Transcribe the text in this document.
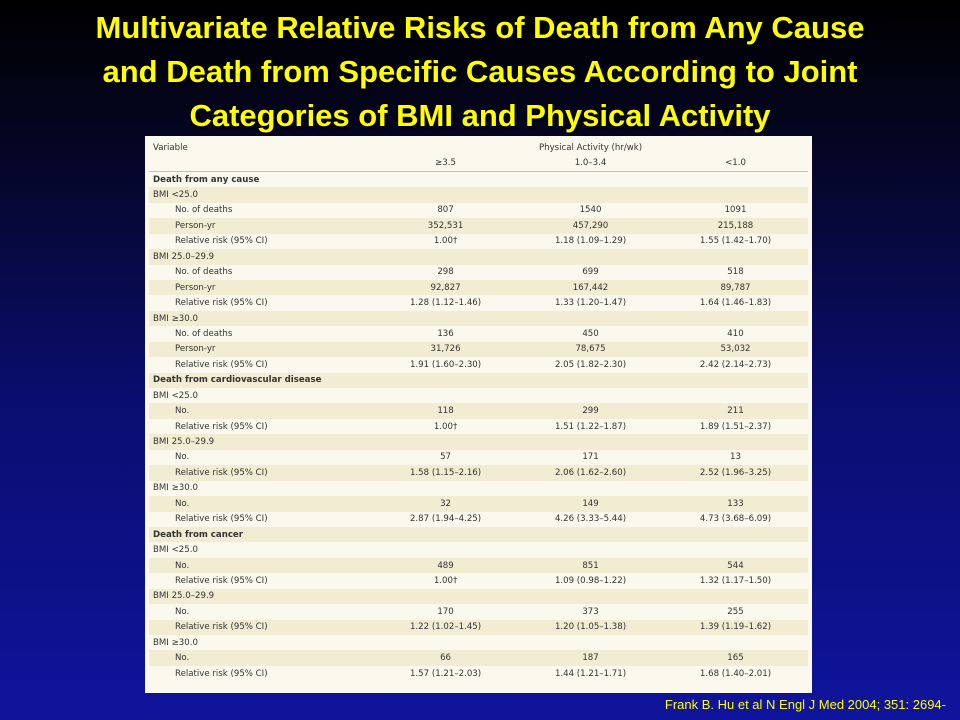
Multivariate Relative Risks of Death from Any Cause
and Death from Specific Causes According to Joint
Categories of BMI and Physical Activity
Variable	Physical Activity (hr/wk)		
	≥3.5	1.0–3.4	<1.0
Death from any cause			
BMI <25.0			
No. of deaths	807	1540	1091
Person-yr	352,531	457,290	215,188
Relative risk (95% CI)	1.00†	1.18 (1.09–1.29)	1.55 (1.42–1.70)
BMI 25.0–29.9			
No. of deaths	298	699	518
Person-yr	92,827	167,442	89,787
Relative risk (95% CI)	1.28 (1.12–1.46)	1.33 (1.20–1.47)	1.64 (1.46–1.83)
BMI ≥30.0			
No. of deaths	136	450	410
Person-yr	31,726	78,675	53,032
Relative risk (95% CI)	1.91 (1.60–2.30)	2.05 (1.82–2.30)	2.42 (2.14–2.73)
Death from cardiovascular disease			
BMI <25.0			
No.	118	299	211
Relative risk (95% CI)	1.00†	1.51 (1.22–1.87)	1.89 (1.51–2.37)
BMI 25.0–29.9			
No.	57	171	13
Relative risk (95% CI)	1.58 (1.15–2.16)	2.06 (1.62–2.60)	2.52 (1.96–3.25)
BMI ≥30.0			
No.	32	149	133
Relative risk (95% CI)	2.87 (1.94–4.25)	4.26 (3.33–5.44)	4.73 (3.68–6.09)
Death from cancer			
BMI <25.0			
No.	489	851	544
Relative risk (95% CI)	1.00†	1.09 (0.98–1.22)	1.32 (1.17–1.50)
BMI 25.0–29.9			
No.	170	373	255
Relative risk (95% CI)	1.22 (1.02–1.45)	1.20 (1.05–1.38)	1.39 (1.19–1.62)
BMI ≥30.0			
No.	66	187	165
Relative risk (95% CI)	1.57 (1.21–2.03)	1.44 (1.21–1.71)	1.68 (1.40–2.01)
Frank B. Hu et al N Engl J Med 2004; 351: 2694-
